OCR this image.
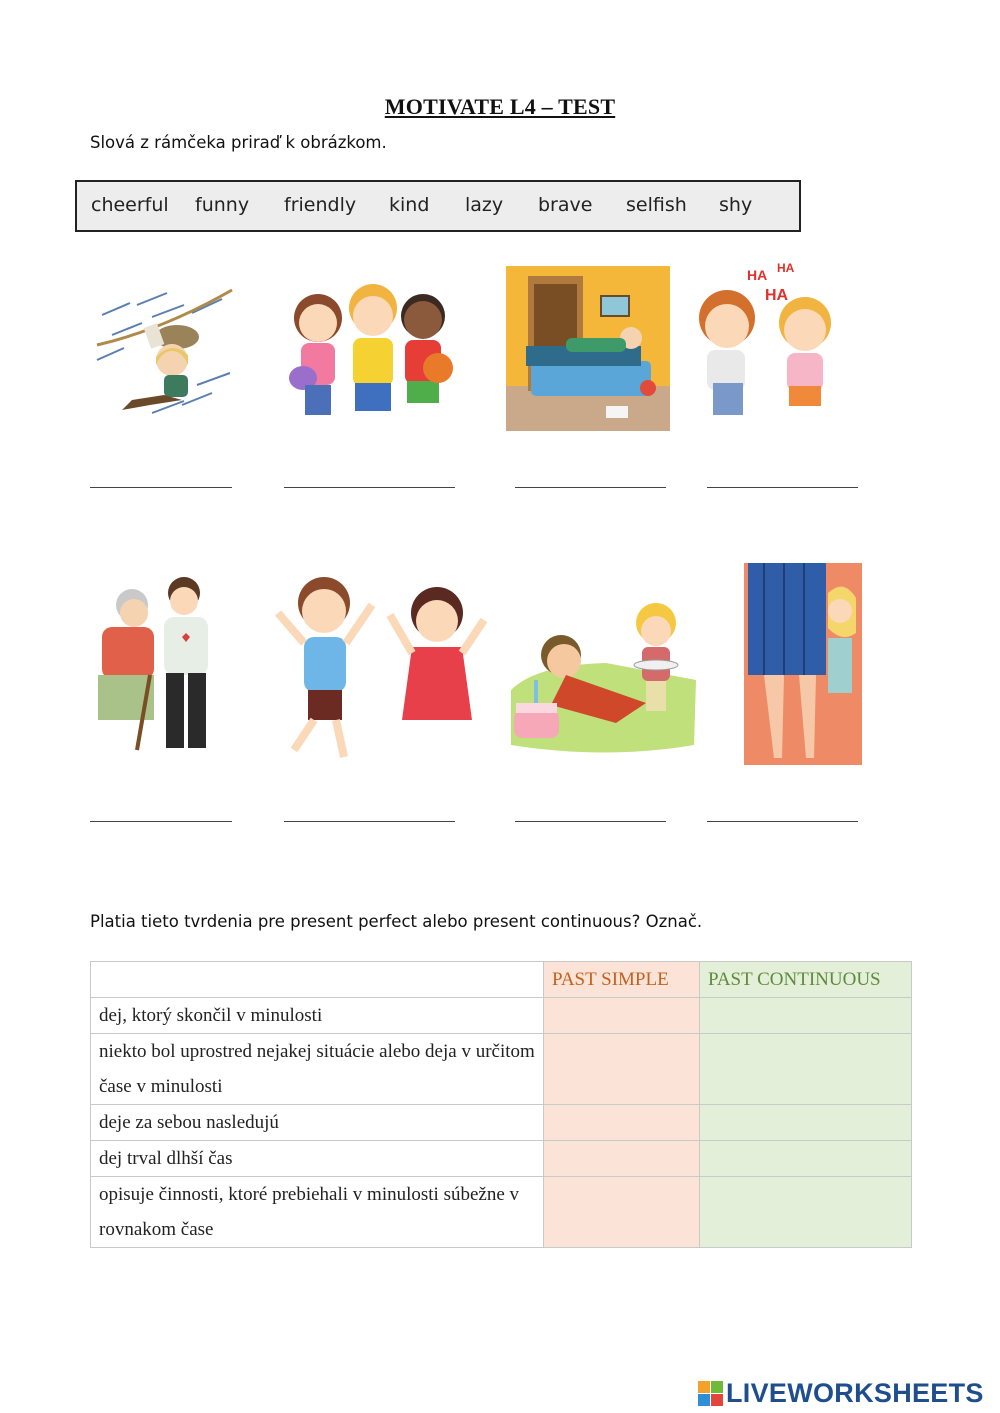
MOTIVATE L4 – TEST
Slová z rámčeka priraď k obrázkom.
cheerful funny friendly kind lazy brave selfish shy
HA HA
HA
Platia tieto tvrdenia pre present perfect alebo present continuous? Označ.
	PAST SIMPLE	PAST CONTINUOUS
dej, ktorý skončil v minulosti		
niekto bol uprostred nejakej situácie alebo deja v určitom čase v minulosti		
deje za sebou nasledujú		
dej trval dlhší čas		
opisuje činnosti, ktoré prebiehali v minulosti súbežne v rovnakom čase		
LIVEWORKSHEETS
